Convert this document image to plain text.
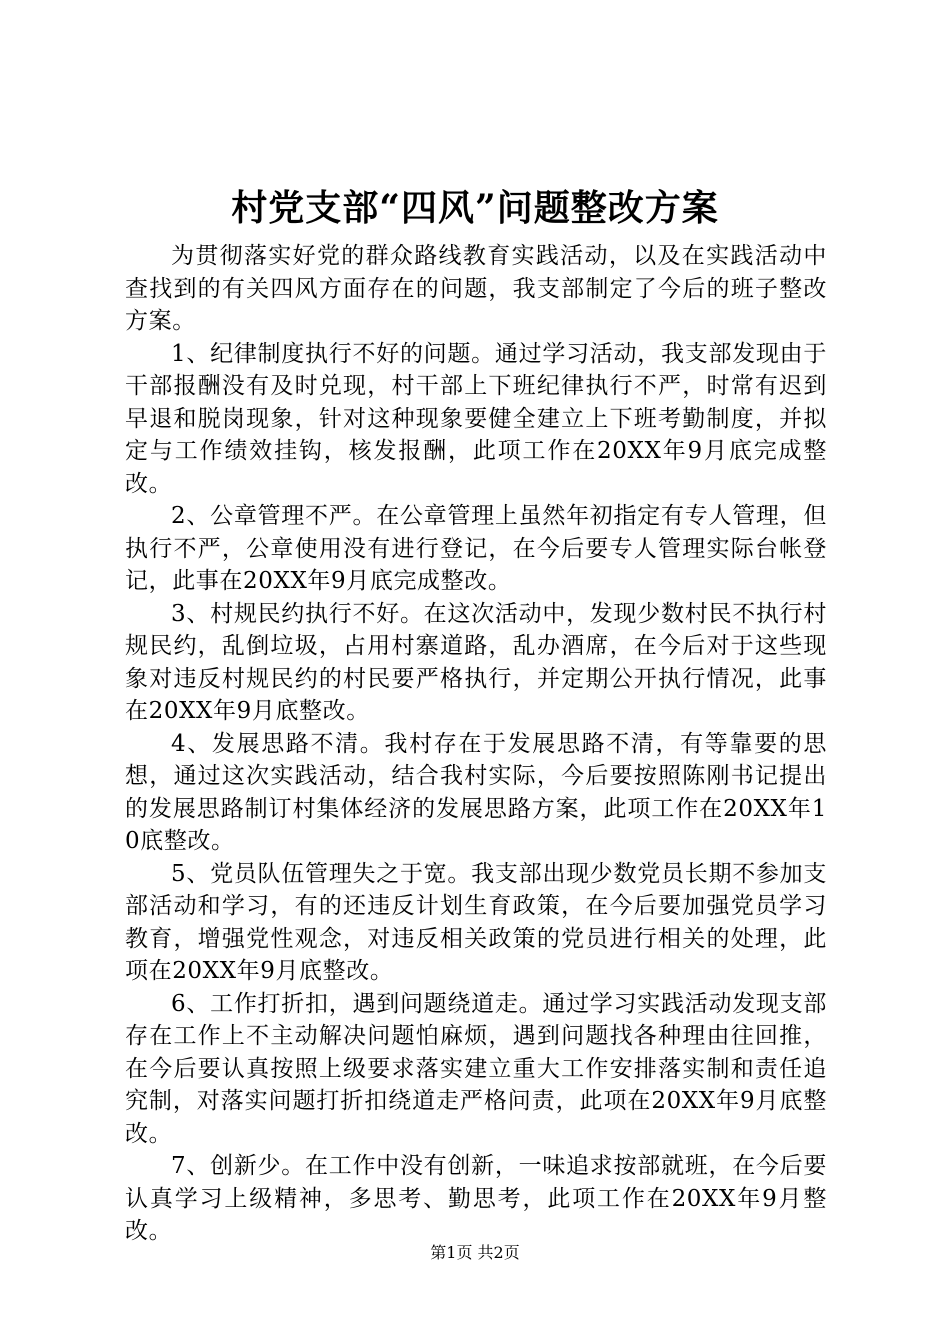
村党支部“四风”问题整改方案

为贯彻落实好党的群众路线教育实践活动，以及在实践活动中查找到的有关四风方面存在的问题，我支部制定了今后的班子整改方案。

1、纪律制度执行不好的问题。通过学习活动，我支部发现由于干部报酬没有及时兑现，村干部上下班纪律执行不严，时常有迟到早退和脱岗现象，针对这种现象要健全建立上下班考勤制度，并拟定与工作绩效挂钩，核发报酬，此项工作在20XX年9月底完成整改。

2、公章管理不严。在公章管理上虽然年初指定有专人管理，但执行不严，公章使用没有进行登记，在今后要专人管理实际台帐登记，此事在20XX年9月底完成整改。

3、村规民约执行不好。在这次活动中，发现少数村民不执行村规民约，乱倒垃圾，占用村寨道路，乱办酒席，在今后对于这些现象对违反村规民约的村民要严格执行，并定期公开执行情况，此事在20XX年9月底整改。

4、发展思路不清。我村存在于发展思路不清，有等靠要的思想，通过这次实践活动，结合我村实际，今后要按照陈刚书记提出的发展思路制订村集体经济的发展思路方案，此项工作在20XX年10底整改。

5、党员队伍管理失之于宽。我支部出现少数党员长期不参加支部活动和学习，有的还违反计划生育政策，在今后要加强党员学习教育，增强党性观念，对违反相关政策的党员进行相关的处理，此项在20XX年9月底整改。

6、工作打折扣，遇到问题绕道走。通过学习实践活动发现支部存在工作上不主动解决问题怕麻烦，遇到问题找各种理由往回推，在今后要认真按照上级要求落实建立重大工作安排落实制和责任追究制，对落实问题打折扣绕道走严格问责，此项在20XX年9月底整改。

7、创新少。在工作中没有创新，一味追求按部就班，在今后要认真学习上级精神，多思考、勤思考，此项工作在20XX年9月整改。

第1页 共2页
